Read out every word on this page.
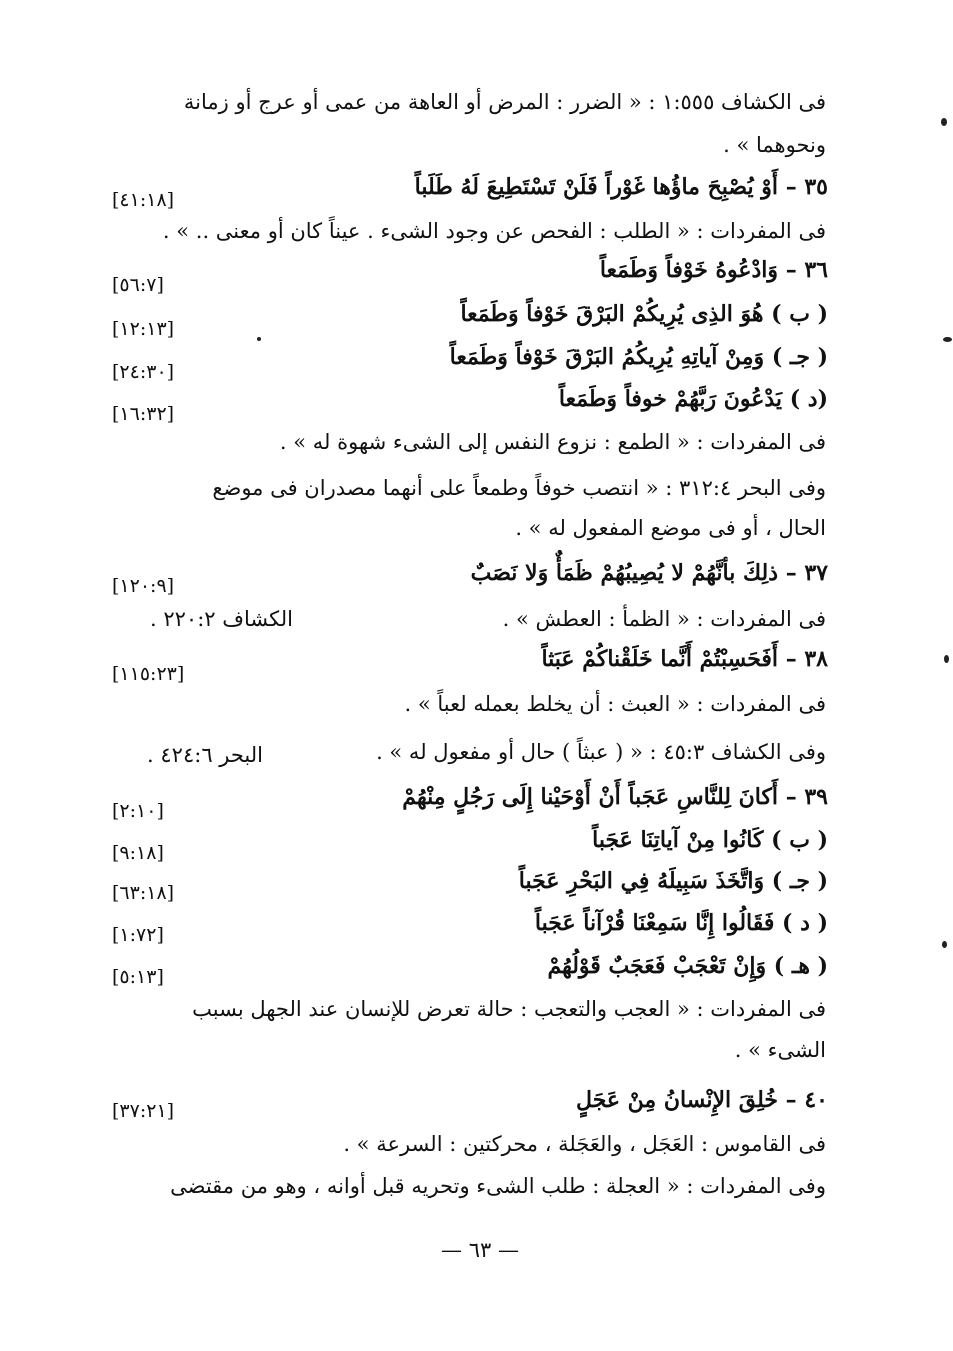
فى الكشاف ١:٥٥٥ : « الضرر : المرض أو العاهة من عمى أو عرج أو زمانة
ونحوهما » .
٣٥ – أَوْ يُصْبِحَ ماؤُها غَوْراً فَلَنْ تَسْتَطِيعَ لَهُ طَلَباً
[٤١:١٨]
فى المفردات : « الطلب : الفحص عن وجود الشىء . عيناً كان أو معنى .. » .
٣٦ – وَادْعُوهُ خَوْفاً وَطَمَعاً
[٥٦:٧]
( ب ) هُوَ الذِى يُرِيكُمْ البَرْقَ خَوْفاً وَطَمَعاً
[١٢:١٣]
( جـ ) وَمِنْ آياتِهِ يُرِيكُمُ البَرْقَ خَوْفاً وَطَمَعاً
[٢٤:٣٠]
(د ) يَدْعُونَ رَبَّهُمْ خوفاً وَطَمَعاً
[١٦:٣٢]
فى المفردات : « الطمع : نزوع النفس إلى الشىء شهوة له » .
وفى البحر ٣١٢:٤ : « انتصب خوفاً وطمعاً على أنهما مصدران فى موضع
الحال ، أو فى موضع المفعول له » .
٣٧ – ذلِكَ بأنَّهُمْ لا يُصِيبُهُمْ ظَمَأٌ وَلا نَصَبٌ
[١٢٠:٩]
فى المفردات : « الظمأ : العطش » .
الكشاف ٢٢٠:٢ .
٣٨ – أَفَحَسِبْتُمْ أَنَّما خَلَقْناكُمْ عَبَثاً
[١١٥:٢٣]
فى المفردات : « العبث : أن يخلط بعمله لعباً » .
وفى الكشاف ٤٥:٣ : « ( عبثاً ) حال أو مفعول له » .
البحر ٤٢٤:٦ .
٣٩ – أَكانَ لِلنَّاسِ عَجَباً أَنْ أَوْحَيْنا إِلَى رَجُلٍ مِنْهُمْ
[٢:١٠]
( ب ) كَانُوا مِنْ آياتِنَا عَجَباً
[٩:١٨]
( جـ ) وَاتَّخَذَ سَبِيلَهُ فِي البَحْرِ عَجَباً
[٦٣:١٨]
( د ) فَقَالُوا إِنَّا سَمِعْنَا قُرْآناً عَجَباً
[١:٧٢]
( هـ ) وَإِنْ تَعْجَبْ فَعَجَبٌ قَوْلُهُمْ
[٥:١٣]
فى المفردات : « العجب والتعجب : حالة تعرض للإنسان عند الجهل بسبب
الشىء » .
٤٠ – خُلِقَ الإِنْسانُ مِنْ عَجَلٍ
[٣٧:٢١]
فى القاموس : العَجَل ، والعَجَلة ، محركتين : السرعة » .
وفى المفردات : « العجلة : طلب الشىء وتحريه قبل أوانه ، وهو من مقتضى
— ٦٣ —
